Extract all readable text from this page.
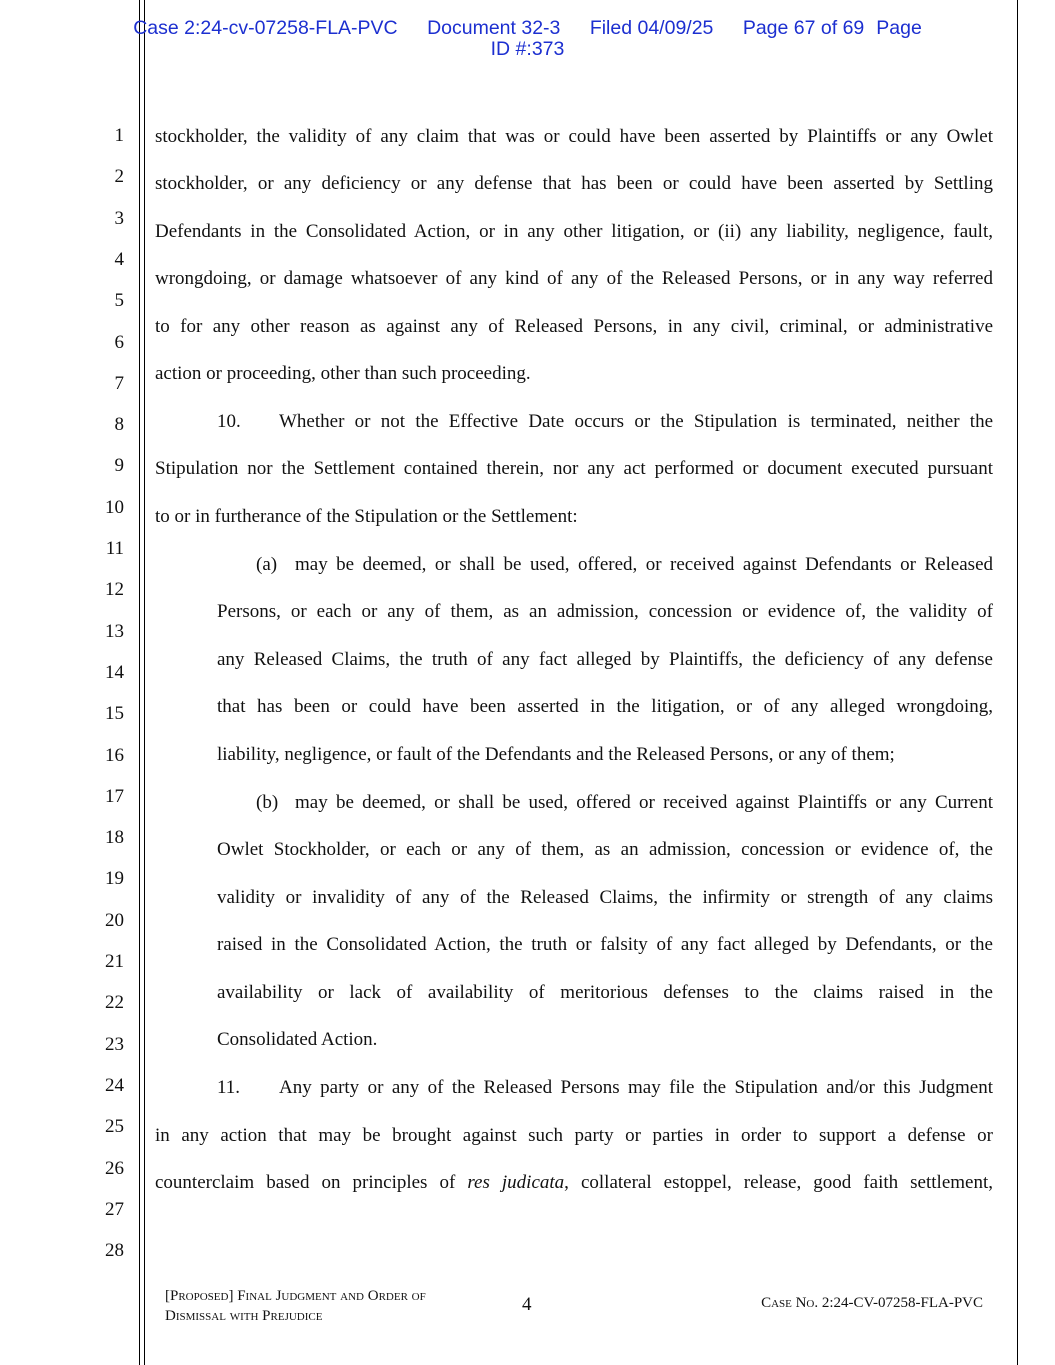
Case 2:24-cv-07258-FLA-PVC Document 32-3 Filed 04/09/25 Page 67 of 69 Page
ID #:373
1
2
3
4
5
6
7
8
9
10
11
12
13
14
15
16
17
18
19
20
21
22
23
24
25
26
27
28
stockholder, the validity of any claim that was or could have been asserted by Plaintiffs or any Owlet
stockholder, or any deficiency or any defense that has been or could have been asserted by Settling
Defendants in the Consolidated Action, or in any other litigation, or (ii) any liability, negligence, fault,
wrongdoing, or damage whatsoever of any kind of any of the Released Persons, or in any way referred
to for any other reason as against any of Released Persons, in any civil, criminal, or administrative
action or proceeding, other than such proceeding.
10. Whether or not the Effective Date occurs or the Stipulation is terminated, neither the
Stipulation nor the Settlement contained therein, nor any act performed or document executed pursuant
to or in furtherance of the Stipulation or the Settlement:
(a) may be deemed, or shall be used, offered, or received against Defendants or Released
Persons, or each or any of them, as an admission, concession or evidence of, the validity of
any Released Claims, the truth of any fact alleged by Plaintiffs, the deficiency of any defense
that has been or could have been asserted in the litigation, or of any alleged wrongdoing,
liability, negligence, or fault of the Defendants and the Released Persons, or any of them;
(b) may be deemed, or shall be used, offered or received against Plaintiffs or any Current
Owlet Stockholder, or each or any of them, as an admission, concession or evidence of, the
validity or invalidity of any of the Released Claims, the infirmity or strength of any claims
raised in the Consolidated Action, the truth or falsity of any fact alleged by Defendants, or the
availability or lack of availability of meritorious defenses to the claims raised in the
Consolidated Action.
11. Any party or any of the Released Persons may file the Stipulation and/or this Judgment
in any action that may be brought against such party or parties in order to support a defense or
counterclaim based on principles of res judicata, collateral estoppel, release, good faith settlement,
[Proposed] Final Judgment and Order of
Dismissal with Prejudice
4	Case No. 2:24-CV-07258-FLA-PVC
